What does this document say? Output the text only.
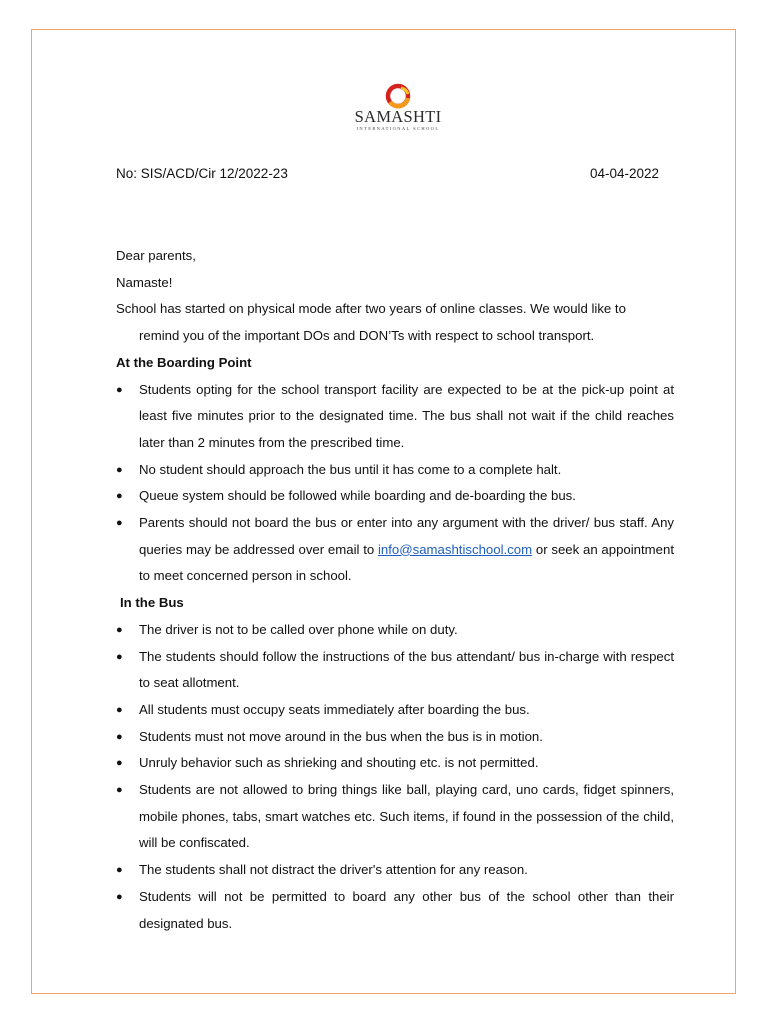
SAMASHTI
INTERNATIONAL SCHOOL
No: SIS/ACD/Cir 12/2022-23	04-04-2022

Dear parents,

Namaste!

School has started on physical mode after two years of online classes. We would like to
remind you of the important DOs and DON’Ts with respect to school transport.

At the Boarding Point

● Students opting for the school transport facility are expected to be at the pick-up point at least five minutes prior to the designated time. The bus shall not wait if the child reaches later than 2 minutes from the prescribed time.
● No student should approach the bus until it has come to a complete halt.
● Queue system should be followed while boarding and de-boarding the bus.
● Parents should not board the bus or enter into any argument with the driver/ bus staff. Any queries may be addressed over email to info@samashtischool.com or seek an appointment to meet concerned person in school.

In the Bus

● The driver is not to be called over phone while on duty.
● The students should follow the instructions of the bus attendant/ bus in-charge with respect to seat allotment.
● All students must occupy seats immediately after boarding the bus.
● Students must not move around in the bus when the bus is in motion.
● Unruly behavior such as shrieking and shouting etc. is not permitted.
● Students are not allowed to bring things like ball, playing card, uno cards, fidget spinners, mobile phones, tabs, smart watches etc. Such items, if found in the possession of the child, will be confiscated.
● The students shall not distract the driver's attention for any reason.
● Students will not be permitted to board any other bus of the school other than their designated bus.
